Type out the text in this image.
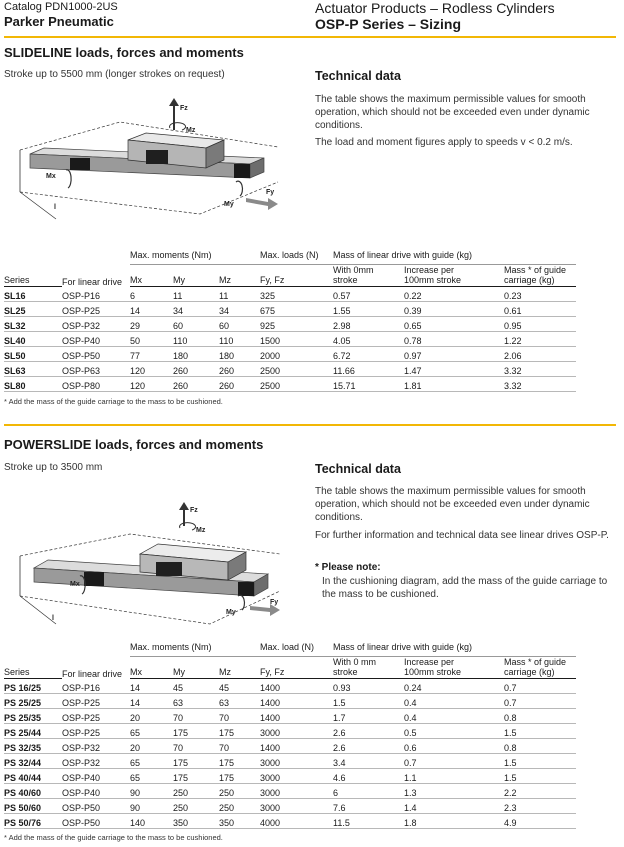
Catalog PDN1000-2US
Parker Pneumatic
Actuator Products – Rodless Cylinders
OSP-P Series – Sizing
SLIDELINE loads, forces and moments
Stroke up to 5500 mm (longer strokes on request)	Technical data
The table shows the maximum permissible values for smooth operation, which should not be exceeded even under dynamic conditions.
The load and moment figures apply to speeds v < 0.2 m/s.
l
Fz
Mz
Mx
My
Fy
	For linear drive	Max. moments (Nm)			Max. loads (N)	Mass of linear drive with guide (kg)		
Series		Mx	My	Mz	Fy, Fz	With 0mm stroke	Increase per 100mm stroke	Mass * of guide carriage (kg)
SL16	OSP-P16	6	11	11	325	0.57	0.22	0.23
SL25	OSP-P25	14	34	34	675	1.55	0.39	0.61
SL32	OSP-P32	29	60	60	925	2.98	0.65	0.95
SL40	OSP-P40	50	110	110	1500	4.05	0.78	1.22
SL50	OSP-P50	77	180	180	2000	6.72	0.97	2.06
SL63	OSP-P63	120	260	260	2500	11.66	1.47	3.32
SL80	OSP-P80	120	260	260	2500	15.71	1.81	3.32
* Add the mass of the guide carriage to the mass to be cushioned.
POWERSLIDE loads, forces and moments
Stroke up to 3500 mm	Technical data
The table shows the maximum permissible values for smooth operation, which should not be exceeded even under dynamic conditions.
For further information and technical data see linear drives OSP-P.
* Please note:
In the cushioning diagram, add the mass of the guide carriage to the mass to be cushioned.
l
Fz
Mz
Mx
My
Fy
	For linear drive	Max. moments (Nm)			Max. load (N)	Mass of linear drive with guide (kg)		
Series		Mx	My	Mz	Fy, Fz	With 0 mm stroke	Increase per 100mm stroke	Mass * of guide carriage (kg)
PS 16/25	OSP-P16	14	45	45	1400	0.93	0.24	0.7
PS 25/25	OSP-P25	14	63	63	1400	1.5	0.4	0.7
PS 25/35	OSP-P25	20	70	70	1400	1.7	0.4	0.8
PS 25/44	OSP-P25	65	175	175	3000	2.6	0.5	1.5
PS 32/35	OSP-P32	20	70	70	1400	2.6	0.6	0.8
PS 32/44	OSP-P32	65	175	175	3000	3.4	0.7	1.5
PS 40/44	OSP-P40	65	175	175	3000	4.6	1.1	1.5
PS 40/60	OSP-P40	90	250	250	3000	6	1.3	2.2
PS 50/60	OSP-P50	90	250	250	3000	7.6	1.4	2.3
PS 50/76	OSP-P50	140	350	350	4000	11.5	1.8	4.9
* Add the mass of the guide carriage to the mass to be cushioned.
